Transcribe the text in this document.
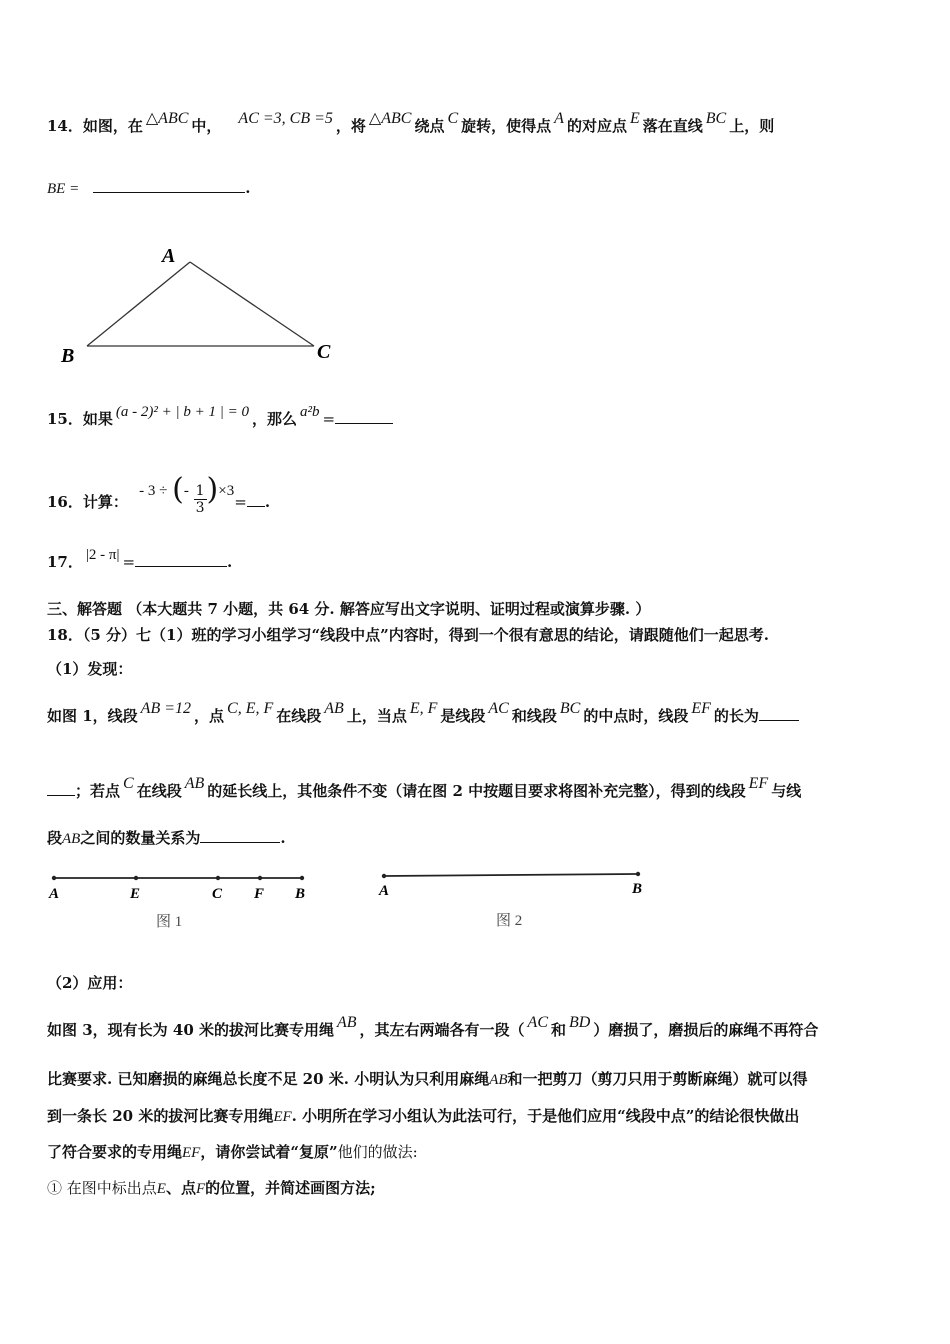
14．如图，在 △ABC 中， AC =3, CB =5 ，将 △ABC 绕点 C 旋转，使得点 A 的对应点 E 落在直线 BC 上，则
BE =	.
A
B	C
15．如果 (a - 2)² + | b + 1 | = 0 ，那么 a²b =
16．计算： - 3 ÷ (- $\frac{1}{3} )\times 3=$ .
17． |2 - π| =	.
三、解答题 （本大题共 7 小题，共 64 分. 解答应写出文字说明、证明过程或演算步骤. ）
18．（5 分）七（1）班的学习小组学习“线段中点”内容时，得到一个很有意思的结论，请跟随他们一起思考.
（1）发现：
如图 1，线段 AB =12 ，点 C, E, F 在线段 AB 上，当点 E, F 是线段 AC 和线段 BC 的中点时，线段 EF 的长为
；若点 C 在线段 AB 的延长线上，其他条件不变（请在图 2 中按题目要求将图补充完整），得到的线段 EF 与线
段AB之间的数量关系为	.
A	E	C F B
图 1
A	B
图 2
（2）应用：
如图 3，现有长为 40 米的拔河比赛专用绳 AB ，其左右两端各有一段（ AC 和 BD ）磨损了，磨损后的麻绳不再符合
比赛要求. 已知磨损的麻绳总长度不足 20 米. 小明认为只利用麻绳AB和一把剪刀（剪刀只用于剪断麻绳）就可以得
到一条长 20 米的拔河比赛专用绳EF. 小明所在学习小组认为此法可行，于是他们应用“线段中点”的结论很快做出
了符合要求的专用绳EF，请你尝试着“复原”他们的做法:
① 在图中标出点E、点F的位置，并简述画图方法;
